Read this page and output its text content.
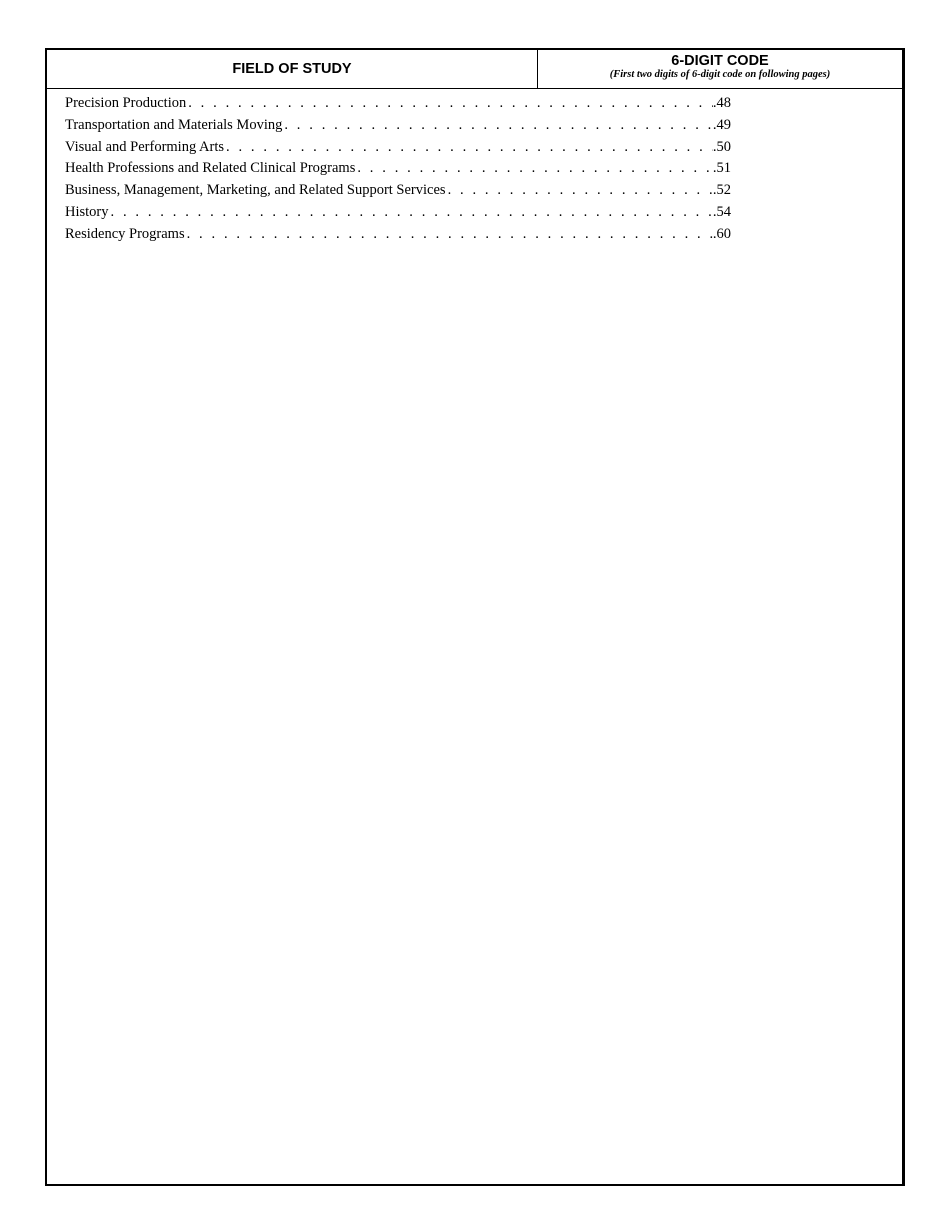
FIELD OF STUDY	6-DIGIT CODE
(First two digits of 6-digit code on following pages)
Precision Production . . .	. 48
Transportation and Materials Moving . . .	. 49
Visual and Performing Arts . . .	. 50
Health Professions and Related Clinical Programs . . .	. 51
Business, Management, Marketing, and Related Support Services . . .	. 52
History . . .	. 54
Residency Programs . . .	. 60
